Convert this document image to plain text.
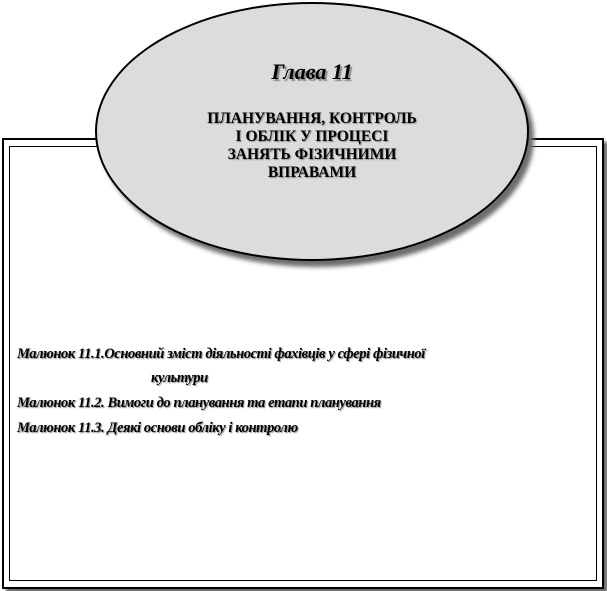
Глава 11
ПЛАНУВАННЯ, КОНТРОЛЬ
І ОБЛІК У ПРОЦЕСІ
ЗАНЯТЬ ФІЗИЧНИМИ
ВПРАВАМИ
Малюнок 11.1.Основний зміст діяльності фахівців у сфері фізичної
культури
Малюнок 11.2. Вимоги до планування та етапи планування
Малюнок 11.3. Деякі основи обліку і контролю
